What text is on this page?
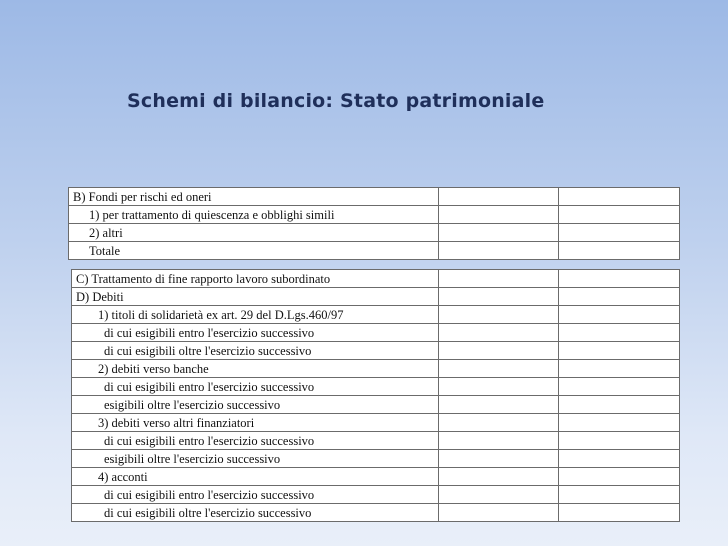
Schemi di bilancio: Stato patrimoniale
B) Fondi per rischi ed oneri		
1) per trattamento di quiescenza e obblighi simili		
2) altri		
Totale		
C) Trattamento di fine rapporto lavoro subordinato		
D) Debiti		
1) titoli di solidarietà ex art. 29 del D.Lgs.460/97		
di cui esigibili entro l'esercizio successivo		
di cui esigibili oltre l'esercizio successivo		
2) debiti verso banche		
di cui esigibili entro l'esercizio successivo		
esigibili oltre l'esercizio successivo		
3) debiti verso altri finanziatori		
di cui esigibili entro l'esercizio successivo		
esigibili oltre l'esercizio successivo		
4) acconti		
di cui esigibili entro l'esercizio successivo		
di cui esigibili oltre l'esercizio successivo		
